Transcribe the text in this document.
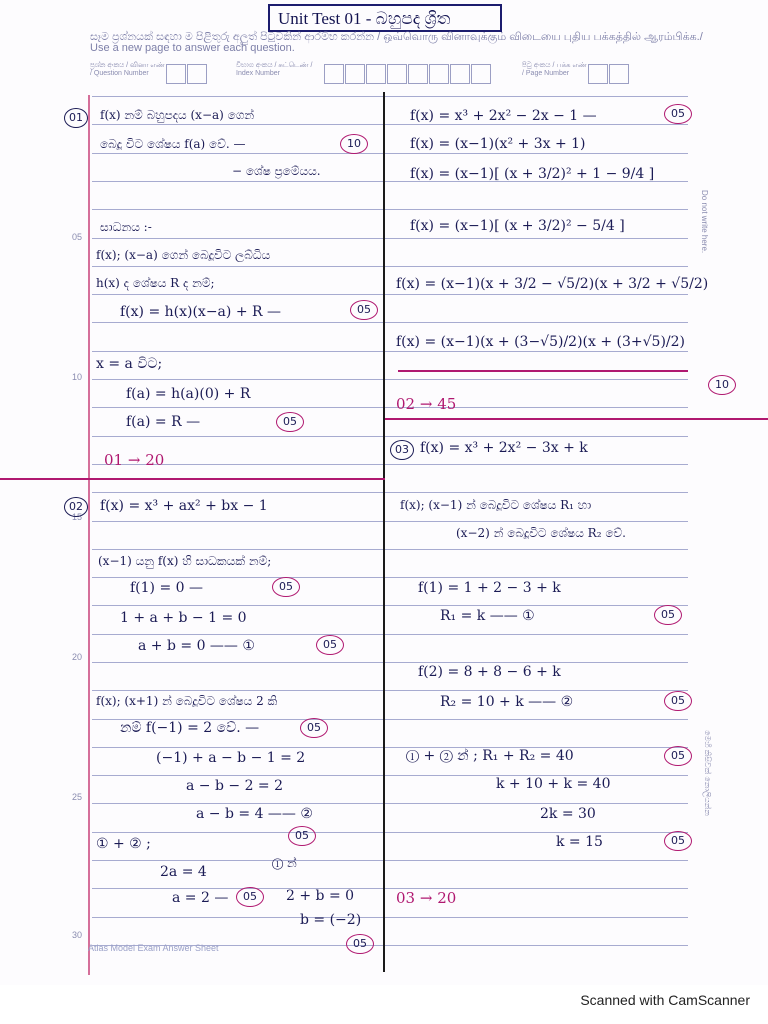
Unit Test 01 - බහුපද ශ්‍රිත
සෑම ප්‍රශ්නයක් සඳහා ම පිළිතුරු අලුත් පිටුවකින් ආරම්භ කරන්න / ஒவ்வொரு வினாவுக்கும் விடையை புதிய பக்கத்தில் ஆரம்பிக்க./
Use a new page to answer each question.
ප්‍රශ්න අංකය / வினா எண் / Question Number
විභාග අංකය / சுட்டெண் / Index Number
පිටු අංකය / பக்க எண் / Page Number
05
10
15
20
25
30
Do not write here.
මෙහි කිසිවක් නොලියන්න
01	f(x) නම් බහුපදය (x−a) ගෙන්
බෙදූ විට ශේෂය f(a) වේ. —	10
− ශේෂ ප්‍රමේයය.
සාධනය :-
f(x); (x−a) ගෙන් බෙදූවිට ලබ්ධිය
h(x) ද ශේෂය R ද නම්;
f(x) = h(x)(x−a) + R —	05
x = a විට;
f(a) = h(a)(0) + R
f(a) = R —	05
01 → 20
02	f(x) = x³ + ax² + bx − 1
(x−1) යනු f(x) හි සාධකයක් නම්;
f(1) = 0 —	05
1 + a + b − 1 = 0
a + b = 0 —— ①	05
f(x); (x+1) න් බෙදූවිට ශේෂය 2 කි
නම් f(−1) = 2 වේ. —	05
(−1) + a − b − 1 = 2
a − b − 2 = 2
a − b = 4 —— ②
05
① + ② ;
① න්
2a = 4
a = 2 —	05	2 + b = 0
b = (−2)
05
f(x) = x³ + 2x² − 2x − 1 —	05
f(x) = (x−1)(x² + 3x + 1)
f(x) = (x−1)[ (x + 3/2)² + 1 − 9/4 ]
f(x) = (x−1)[ (x + 3/2)² − 5/4 ]
f(x) = (x−1)(x + 3/2 − √5/2)(x + 3/2 + √5/2)
f(x) = (x−1)(x + (3−√5)/2)(x + (3+√5)/2)
10
02 → 45
03 f(x) = x³ + 2x² − 3x + k
f(x); (x−1) න් බෙදූවිට ශේෂය R₁ හා
(x−2) න් බෙදූවිට ශේෂය R₂ වේ.
f(1) = 1 + 2 − 3 + k
R₁ = k —— ①	05
f(2) = 8 + 8 − 6 + k
R₂ = 10 + k —— ②	05
① + ② න් ; R₁ + R₂ = 40	05
k + 10 + k = 40
2k = 30
k = 15	05
03 → 20
Atlas Model Exam Answer Sheet
Scanned with CamScanner
